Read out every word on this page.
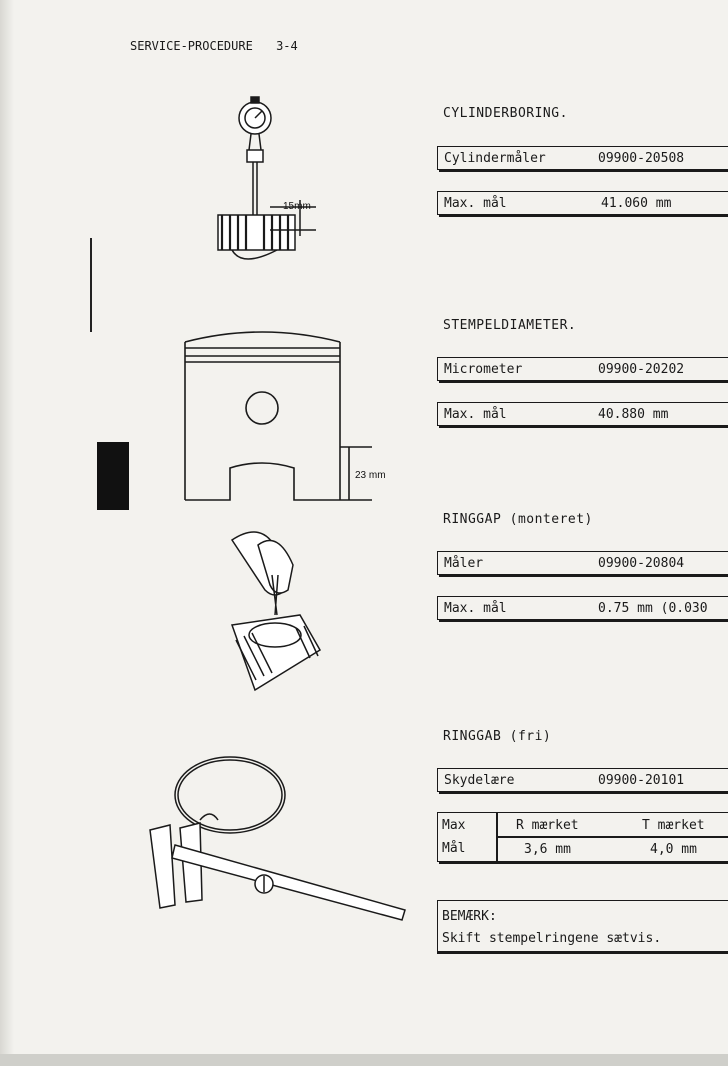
SERVICE-PROCEDURE 3-4
15mm
23 mm
CYLINDERBORING.
Cylindermåler	09900-20508
Max. mål	41.060 mm
STEMPELDIAMETER.
Micrometer	09900-20202
Max. mål	40.880 mm
RINGGAP (monteret)
Måler	09900-20804
Max. mål	0.75 mm (0.030
RINGGAB (fri)
Skydelære	09900-20101
Max
Mål
R mærket	T mærket
3,6 mm	4,0 mm
BEMÆRK:
Skift stempelringene sætvis.
